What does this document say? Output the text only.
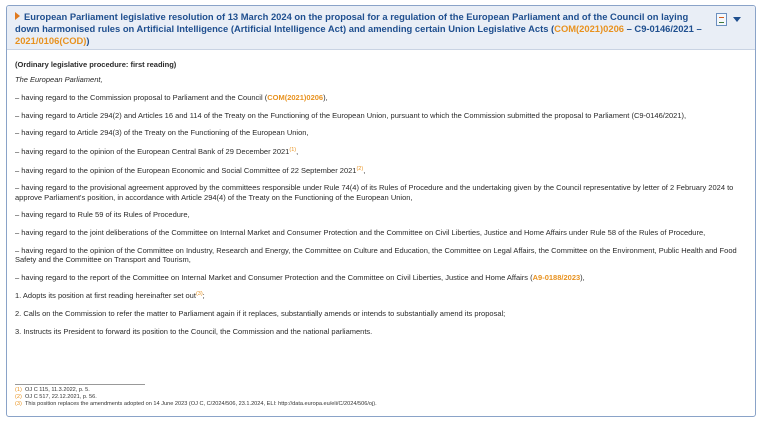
European Parliament legislative resolution of 13 March 2024 on the proposal for a regulation of the European Parliament and of the Council on laying down harmonised rules on Artificial Intelligence (Artificial Intelligence Act) and amending certain Union Legislative Acts (COM(2021)0206 – C9-0146/2021 – 2021/0106(COD))
(Ordinary legislative procedure: first reading)
The European Parliament,
– having regard to the Commission proposal to Parliament and the Council (COM(2021)0206),
– having regard to Article 294(2) and Articles 16 and 114 of the Treaty on the Functioning of the European Union, pursuant to which the Commission submitted the proposal to Parliament (C9-0146/2021),
– having regard to Article 294(3) of the Treaty on the Functioning of the European Union,
– having regard to the opinion of the European Central Bank of 29 December 2021$^{(1)}$,
– having regard to the opinion of the European Economic and Social Committee of 22 September 2021$^{(2)}$,
– having regard to the provisional agreement approved by the committees responsible under Rule 74(4) of its Rules of Procedure and the undertaking given by the Council representative by letter of 2 February 2024 to approve Parliament's position, in accordance with Article 294(4) of the Treaty on the Functioning of the European Union,
– having regard to Rule 59 of its Rules of Procedure,
– having regard to the joint deliberations of the Committee on Internal Market and Consumer Protection and the Committee on Civil Liberties, Justice and Home Affairs under Rule 58 of the Rules of Procedure,
– having regard to the opinion of the Committee on Industry, Research and Energy, the Committee on Culture and Education, the Committee on Legal Affairs, the Committee on the Environment, Public Health and Food Safety and the Committee on Transport and Tourism,
– having regard to the report of the Committee on Internal Market and Consumer Protection and the Committee on Civil Liberties, Justice and Home Affairs (A9-0188/2023),
1. Adopts its position at first reading hereinafter set out$^{(3)}$;
2. Calls on the Commission to refer the matter to Parliament again if it replaces, substantially amends or intends to substantially amend its proposal;
3. Instructs its President to forward its position to the Council, the Commission and the national parliaments.
(1) OJ C 115, 11.3.2022, p. 5.
(2) OJ C 517, 22.12.2021, p. 56.
(3) This position replaces the amendments adopted on 14 June 2023 (OJ C, C/2024/506, 23.1.2024, ELI: http://data.europa.eu/eli/C/2024/506/oj).
